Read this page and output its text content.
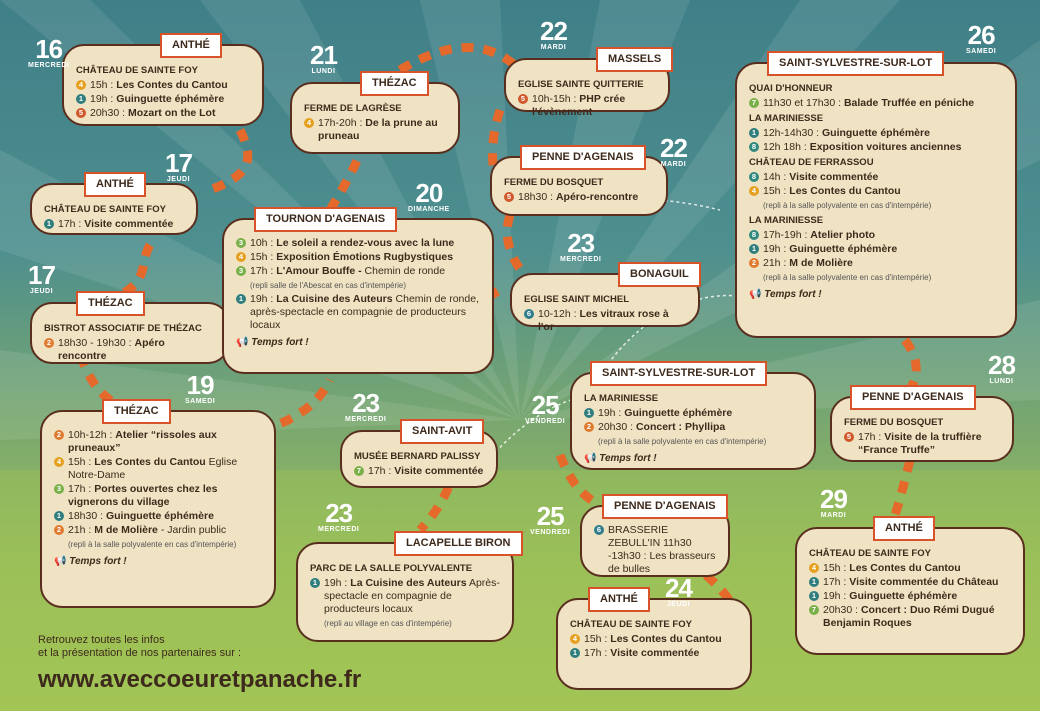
ANTHÉ
CHÂTEAU DE SAINTE FOY
4 15h : Les Contes du Cantou
1 19h : Guinguette éphémère
5 20h30 : Mozart on the Lot
16
MERCREDI
ANTHÉ
CHÂTEAU DE SAINTE FOY
1 17h : Visite commentée
17
JEUDI
THÉZAC
BISTROT ASSOCIATIF DE THÉZAC
2 18h30 - 19h30 : Apéro rencontre
17
JEUDI
THÉZAC
2 10h-12h : Atelier “rissoles aux pruneaux”
4 15h : Les Contes du Cantou Eglise Notre-Dame
3 17h : Portes ouvertes chez les vignerons du village
1 18h30 : Guinguette éphémère
2 21h : M de Molière - Jardin public
(repli à la salle polyvalente en cas d'intempérie)
📢 Temps fort !
19
SAMEDI
THÉZAC
FERME DE LAGRÈSE
4 17h-20h : De la prune au pruneau
21
LUNDI
TOURNON D'AGENAIS
3 10h : Le soleil a rendez-vous avec la lune
4 15h : Exposition Émotions Rugbystiques
3 17h : L'Amour Bouffe - Chemin de ronde
(repli salle de l'Abescat en cas d'intempérie)
1 19h : La Cuisine des Auteurs Chemin de ronde, après-spectacle en compagnie de producteurs locaux
📢 Temps fort !
20
DIMANCHE
MASSELS
EGLISE SAINTE QUITTERIE
5 10h-15h : PHP crée l'évènement
22
MARDI
PENNE D'AGENAIS
FERME DU BOSQUET
5 18h30 : Apéro-rencontre
22
MARDI
BONAGUIL
EGLISE SAINT MICHEL
6 10-12h : Les vitraux rose à l'or
23
MERCREDI
SAINT-SYLVESTRE-SUR-LOT
QUAI D'HONNEUR
7 11h30 et 17h30 : Balade Truffée en péniche
LA MARINIESSE
1 12h-14h30 : Guinguette éphémère
8 12h 18h : Exposition voitures anciennes
CHÂTEAU DE FERRASSOU
8 14h : Visite commentée
4 15h : Les Contes du Cantou
(repli à la salle polyvalente en cas d'intempérie)
LA MARINIESSE
8 17h-19h : Atelier photo
1 19h : Guinguette éphémère
2 21h : M de Molière
(repli à la salle polyvalente en cas d'intempérie)
📢 Temps fort !
26
SAMEDI
SAINT-AVIT
MUSÉE BERNARD PALISSY
7 17h : Visite commentée
23
MERCREDI
SAINT-SYLVESTRE-SUR-LOT
LA MARINIESSE
1 19h : Guinguette éphémère
2 20h30 : Concert : Phyllipa
(repli à la salle polyvalente en cas d'intempérie)
📢 Temps fort !
25
VENDREDI
PENNE D'AGENAIS
FERME DU BOSQUET
5 17h : Visite de la truffière “France Truffe”
28
LUNDI
LACAPELLE BIRON
PARC DE LA SALLE POLYVALENTE
1 19h : La Cuisine des Auteurs Après-spectacle en compagnie de producteurs locaux
(repli au village en cas d'intempérie)
23
MERCREDI
PENNE D'AGENAIS
6 BRASSERIE ZEBULL'IN 11h30 -13h30 : Les brasseurs de bulles
25
VENDREDI
ANTHÉ
CHÂTEAU DE SAINTE FOY
4 15h : Les Contes du Cantou
1 17h : Visite commentée
24
JEUDI
ANTHÉ
CHÂTEAU DE SAINTE FOY
4 15h : Les Contes du Cantou
1 17h : Visite commentée du Château
1 19h : Guinguette éphémère
7 20h30 : Concert : Duo Rémi Dugué Benjamin Roques
29
MARDI
Retrouvez toutes les infos
et la présentation de nos partenaires sur :
www.aveccoeuretpanache.fr
